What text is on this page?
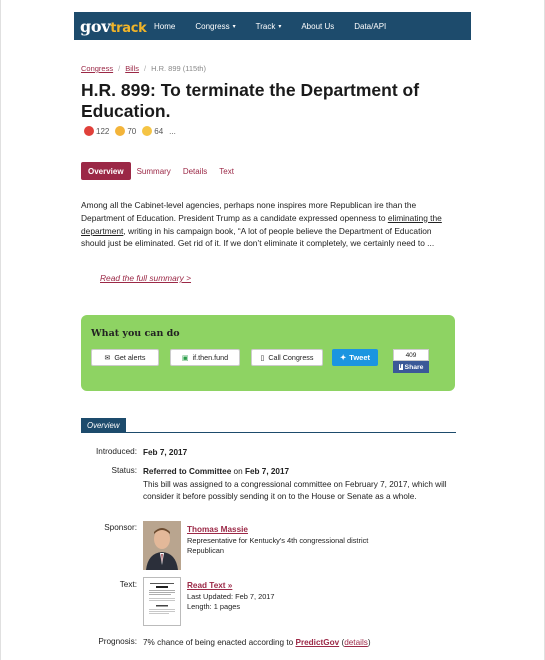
govtrack Home	Congress ▾	Track ▾	About Us	Data/API
Congress / Bills / H.R. 899 (115th)
H.R. 899: To terminate the Department of Education.
122 70 64 ...
Overview	Summary	Details	Text
Among all the Cabinet-level agencies, perhaps none inspires more Republican ire than the Department of Education. President Trump as a candidate expressed openness to eliminating the department, writing in his campaign book, “A lot of people believe the Department of Education should just be eliminated. Get rid of it. If we don’t eliminate it completely, we certainly need to ...
Read the full summary >
What you can do
✉ Get alerts	▣ if.then.fund	▯ Call Congress	✦ Tweet	409
f Share
Overview
Introduced: Feb 7, 2017
Status: Referred to Committee on Feb 7, 2017
This bill was assigned to a congressional committee on February 7, 2017, which will consider it before possibly sending it on to the House or Senate as a whole.
Sponsor:	Thomas Massie
Representative for Kentucky's 4th congressional district
Republican
Text:	Read Text »
Last Updated: Feb 7, 2017
Length: 1 pages
Prognosis: 7% chance of being enacted according to PredictGov (details)
